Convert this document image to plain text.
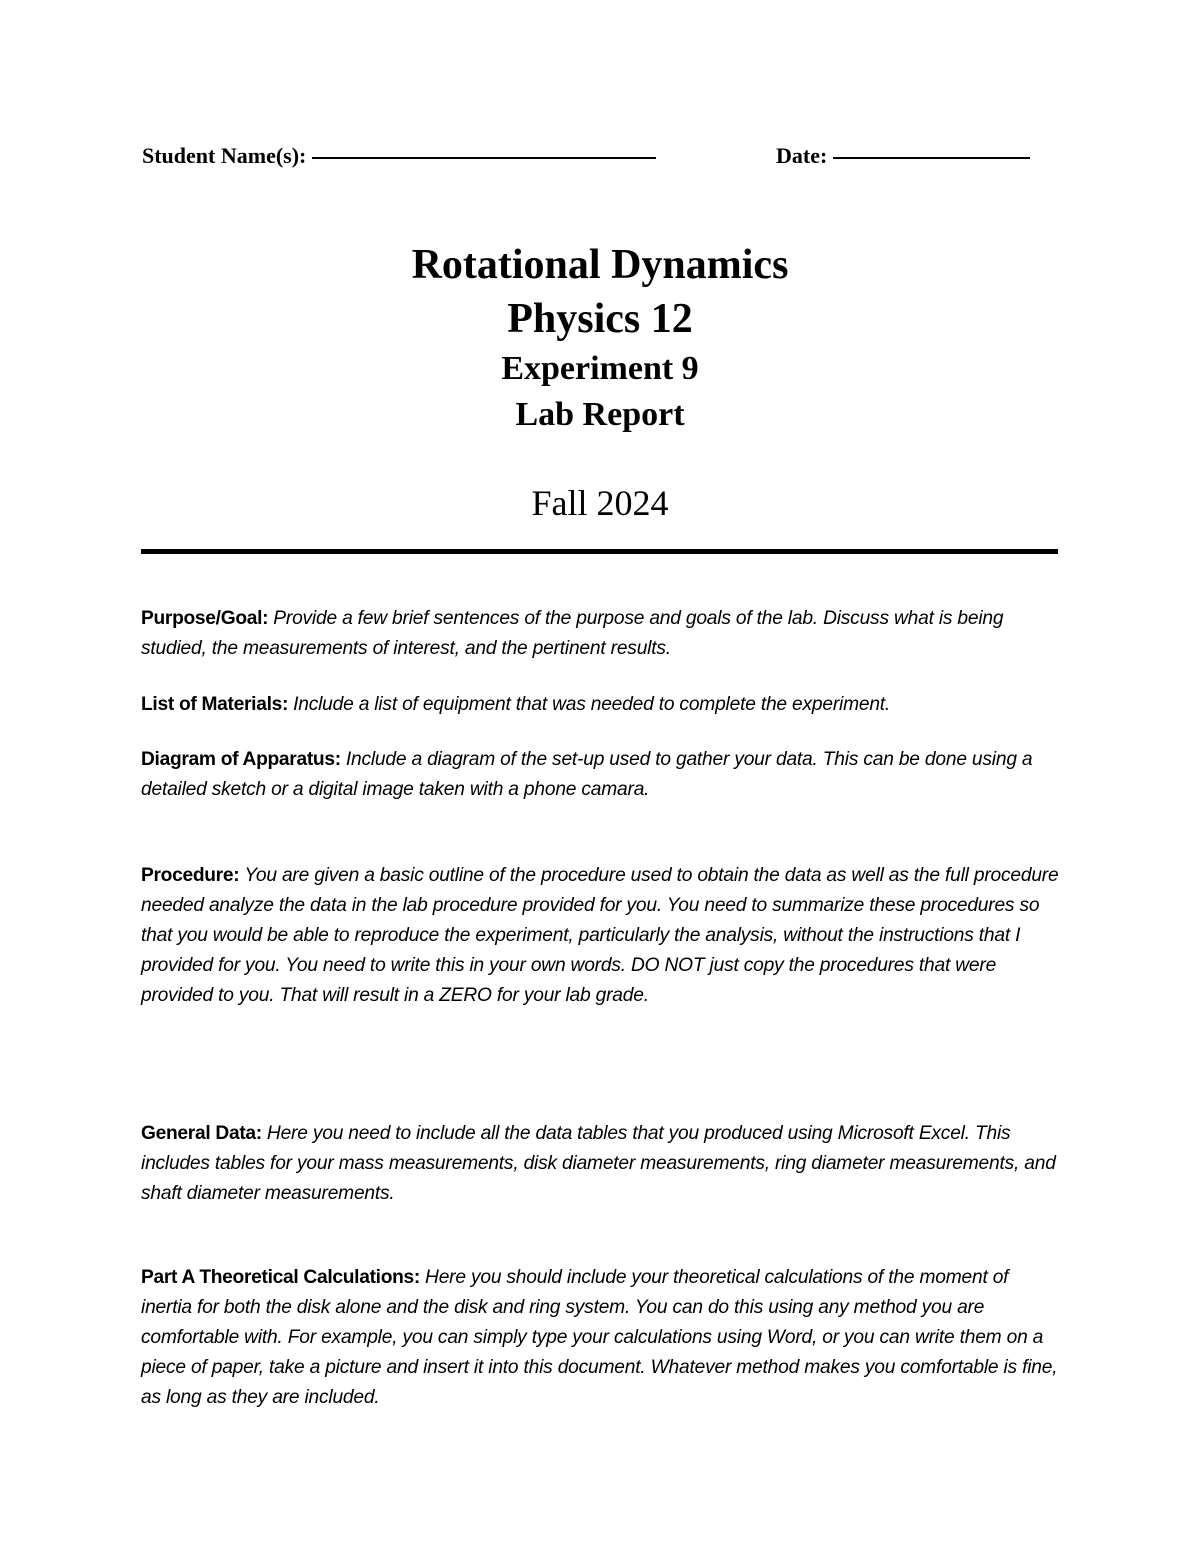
Student Name(s):	Date:
Rotational Dynamics
Physics 12
Experiment 9
Lab Report
Fall 2024
Purpose/Goal: Provide a few brief sentences of the purpose and goals of the lab. Discuss what is being studied, the measurements of interest, and the pertinent results.
List of Materials: Include a list of equipment that was needed to complete the experiment.
Diagram of Apparatus: Include a diagram of the set-up used to gather your data. This can be done using a detailed sketch or a digital image taken with a phone camara.
Procedure: You are given a basic outline of the procedure used to obtain the data as well as the full procedure needed analyze the data in the lab procedure provided for you. You need to summarize these procedures so that you would be able to reproduce the experiment, particularly the analysis, without the instructions that I provided for you. You need to write this in your own words. DO NOT just copy the procedures that were provided to you. That will result in a ZERO for your lab grade.
General Data: Here you need to include all the data tables that you produced using Microsoft Excel. This includes tables for your mass measurements, disk diameter measurements, ring diameter measurements, and shaft diameter measurements.
Part A Theoretical Calculations: Here you should include your theoretical calculations of the moment of inertia for both the disk alone and the disk and ring system. You can do this using any method you are comfortable with. For example, you can simply type your calculations using Word, or you can write them on a piece of paper, take a picture and insert it into this document. Whatever method makes you comfortable is fine, as long as they are included.
